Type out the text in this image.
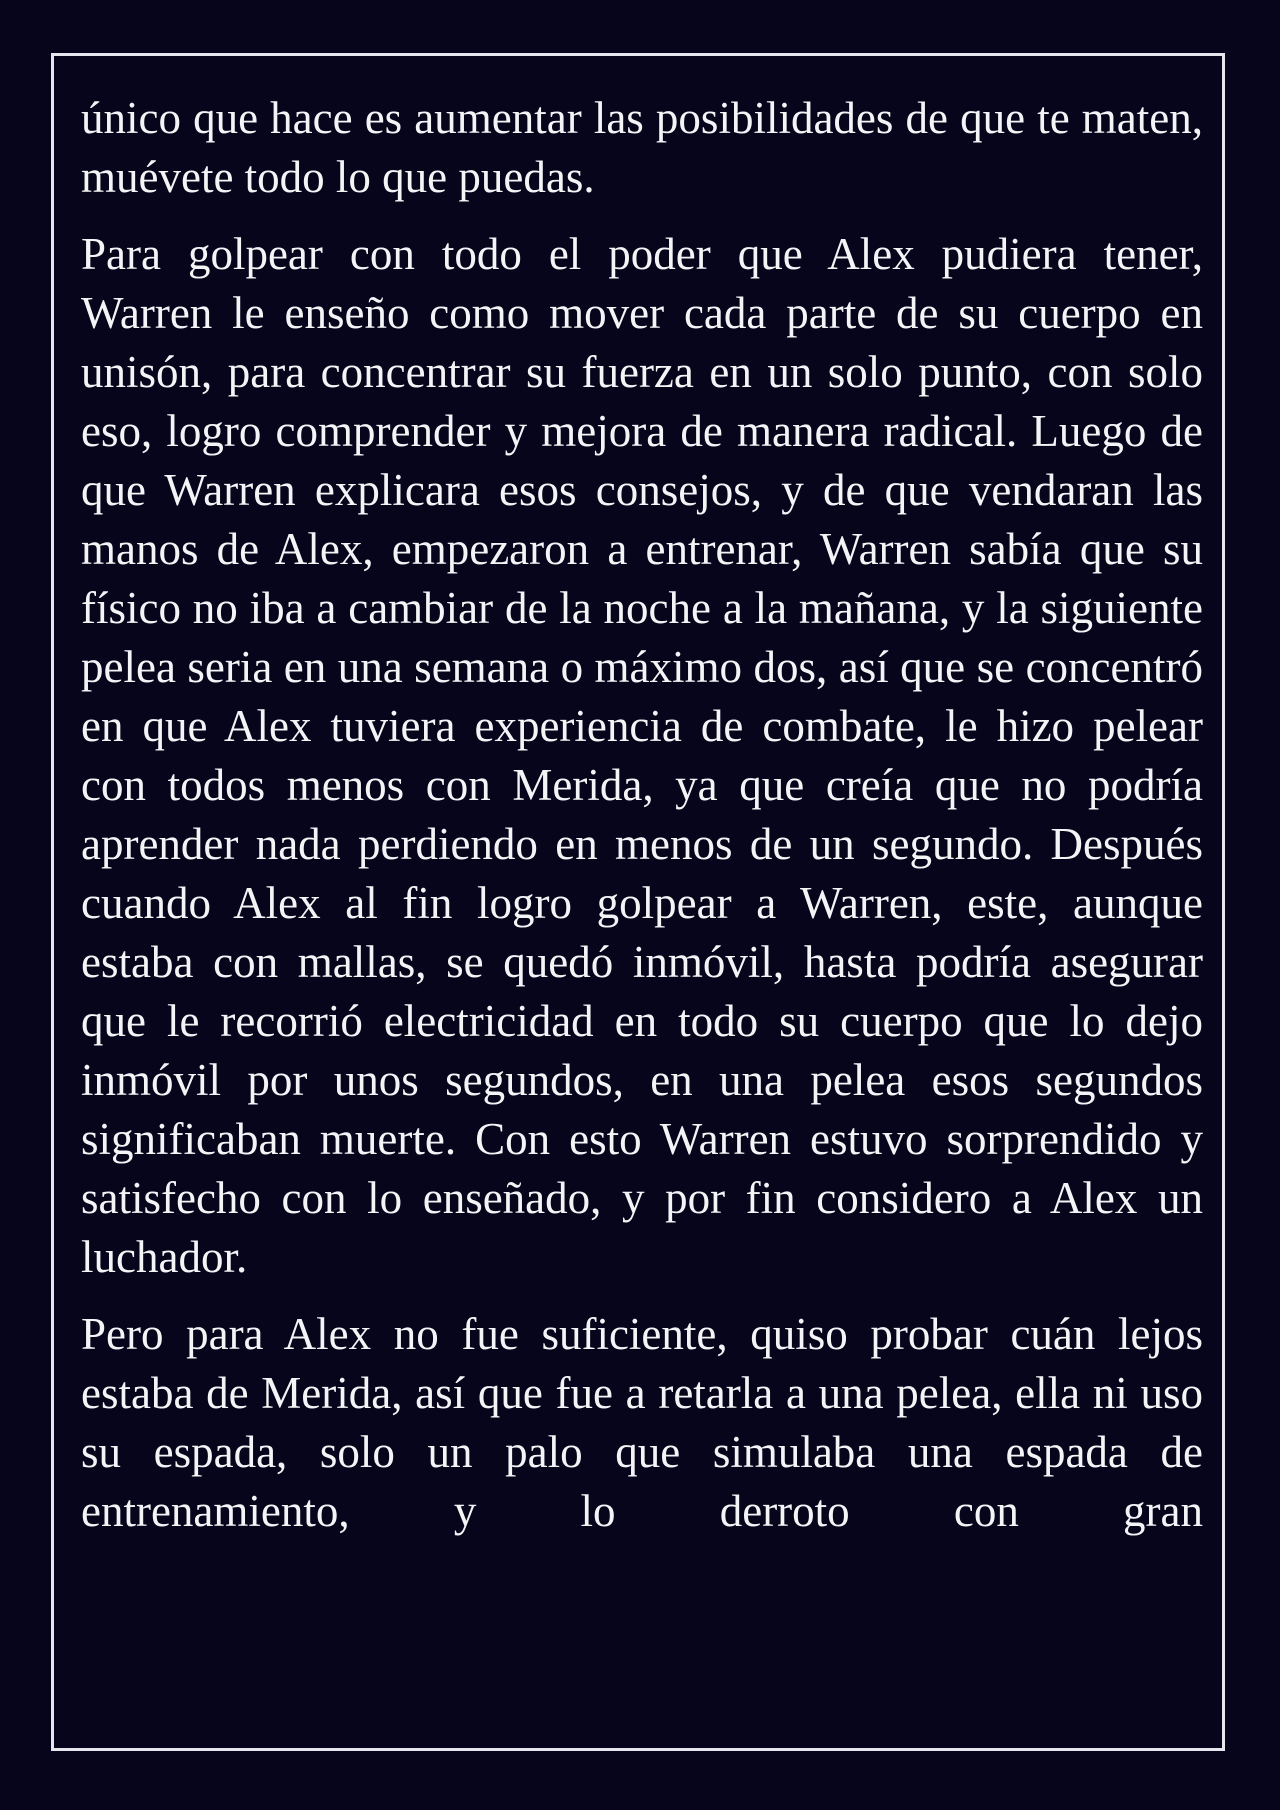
único que hace es aumentar las posibilidades de que te maten, muévete todo lo que puedas.

Para golpear con todo el poder que Alex pudiera tener, Warren le enseño como mover cada parte de su cuerpo en unisón, para concentrar su fuerza en un solo punto, con solo eso, logro comprender y mejora de manera radical. Luego de que Warren explicara esos consejos, y de que vendaran las manos de Alex, empezaron a entrenar, Warren sabía que su físico no iba a cambiar de la noche a la mañana, y la siguiente pelea seria en una semana o máximo dos, así que se concentró en que Alex tuviera experiencia de combate, le hizo pelear con todos menos con Merida, ya que creía que no podría aprender nada perdiendo en menos de un segundo. Después cuando Alex al fin logro golpear a Warren, este, aunque estaba con mallas, se quedó inmóvil, hasta podría asegurar que le recorrió electricidad en todo su cuerpo que lo dejo inmóvil por unos segundos, en una pelea esos segundos significaban muerte. Con esto Warren estuvo sorprendido y satisfecho con lo enseñado, y por fin considero a Alex un luchador.

Pero para Alex no fue suficiente, quiso probar cuán lejos estaba de Merida, así que fue a retarla a una pelea, ella ni uso su espada, solo un palo que simulaba una espada de entrenamiento, y lo derroto con gran
